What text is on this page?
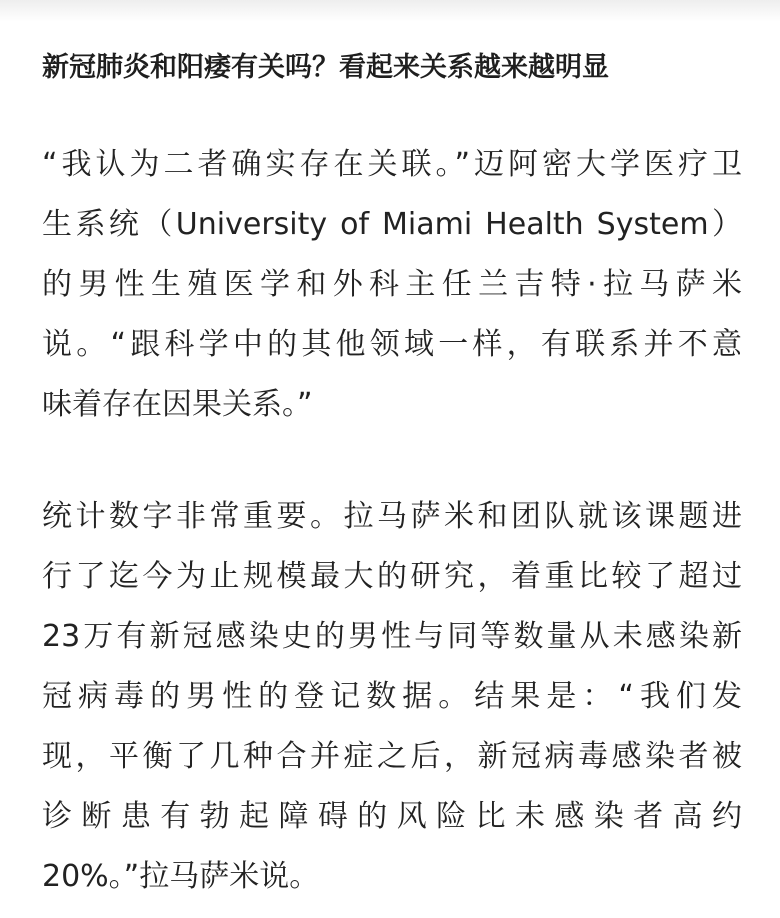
新冠肺炎和阳痿有关吗？看起来关系越来越明显
“我认为二者确实存在关联。”迈阿密大学医疗卫
生系统（University of Miami Health System）
的男性生殖医学和外科主任兰吉特·拉马萨米
说。“跟科学中的其他领域一样，有联系并不意
味着存在因果关系。”
统计数字非常重要。拉马萨米和团队就该课题进
行了迄今为止规模最大的研究，着重比较了超过
23万有新冠感染史的男性与同等数量从未感染新
冠病毒的男性的登记数据。结果是：“我们发
现，平衡了几种合并症之后，新冠病毒感染者被
诊断患有勃起障碍的风险比未感染者高约
20%。”拉马萨米说。
